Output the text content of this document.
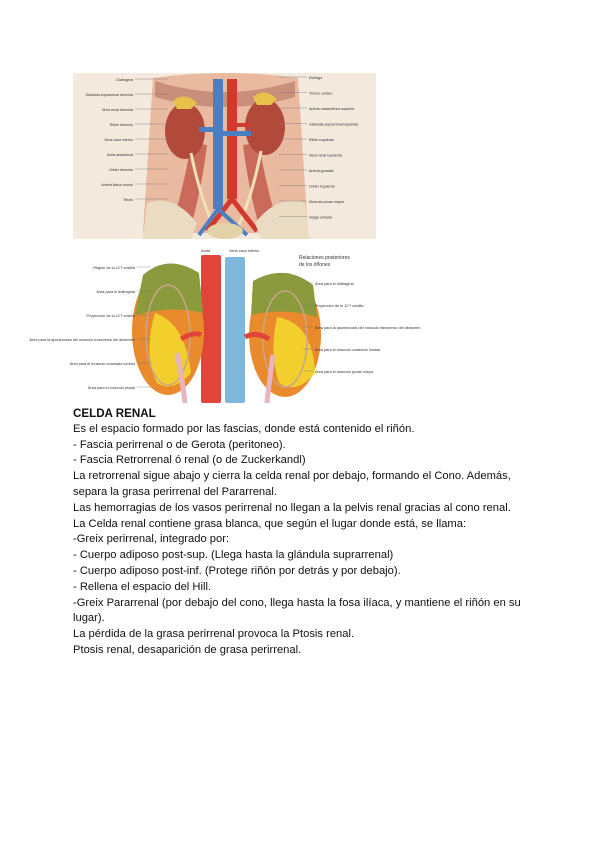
Diafragma
Glándula suprarrenal derecha
Vena renal derecha
Riñón derecho
Vena cava inferior
Aorta abdominal
Uréter derecho
Arteria ilíaca común
Recto
Esófago
Tronco celíaco
Arteria mesentérica superior
Glándula suprarrenal izquierda
Riñón izquierdo
Vena renal izquierda
Arteria gonadal
Uréter izquierdo
Músculo psoas mayor
Vejiga urinaria
Aorta	Vena cava inferior
Relaciones posteriores
de los riñones
Región de la 12.ª costilla
Área para el diafragma
Proyección de la 12.ª costilla
Área para la aponeurosis del músculo transverso del abdomen
Área para el músculo cuadrado lumbar
Área para el músculo psoas
Área para el diafragma
Proyección de la 12.ª costilla
Área para la aponeurosis del músculo transverso del abdomen
Área para el músculo cuadrado lumbar
Área para el músculo psoas mayor

CELDA RENAL

Es el espacio formado por las fascias, donde está contenido el riñón.

- Fascia perirrenal o de Gerota (peritoneo).

- Fascia Retrorrenal ó renal (o de Zuckerkandl)

La retrorrenal sigue abajo y cierra la celda renal por debajo, formando el Cono. Además,

separa la grasa perirrenal del Pararrenal.

Las hemorragias de los vasos perirrenal no llegan a la pelvis renal gracias al cono renal.

La Celda renal contiene grasa blanca, que según el lugar donde está, se llama:

-Greix perirrenal, integrado por:

- Cuerpo adiposo post-sup. (Llega hasta la glándula suprarrenal)

- Cuerpo adiposo post-inf. (Protege riñón por detrás y por debajo).

- Rellena el espacio del Hill.

-Greix Pararrenal (por debajo del cono, llega hasta la fosa ilíaca, y mantiene el riñón en su

lugar).

La pérdida de la grasa perirrenal provoca la Ptosis renal.

Ptosis renal, desaparición de grasa perirrenal.
